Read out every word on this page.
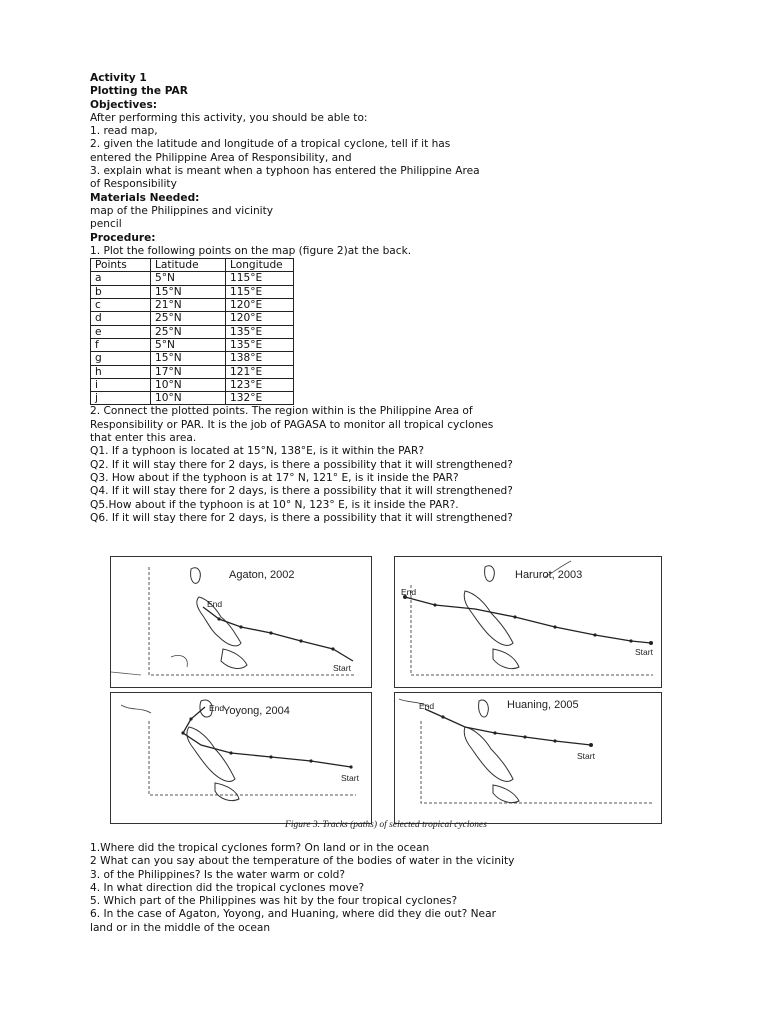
Activity 1
Plotting the PAR
Objectives:
After performing this activity, you should be able to:
1. read map,
2. given the latitude and longitude of a tropical cyclone, tell if it has
entered the Philippine Area of Responsibility, and
3. explain what is meant when a typhoon has entered the Philippine Area
of Responsibility
Materials Needed:
map of the Philippines and vicinity
pencil
Procedure:
1. Plot the following points on the map (figure 2)at the back.
Points	Latitude	Longitude
a	5°N	115°E
b	15°N	115°E
c	21°N	120°E
d	25°N	120°E
e	25°N	135°E
f	5°N	135°E
g	15°N	138°E
h	17°N	121°E
i	10°N	123°E
j	10°N	132°E
2. Connect the plotted points. The region within is the Philippine Area of
Responsibility or PAR. It is the job of PAGASA to monitor all tropical cyclones
that enter this area.
Q1. If a typhoon is located at 15°N, 138°E, is it within the PAR?
Q2. If it will stay there for 2 days, is there a possibility that it will strengthened?
Q3. How about if the typhoon is at 17° N, 121° E, is it inside the PAR?
Q4. If it will stay there for 2 days, is there a possibility that it will strengthened?
Q5.How about if the typhoon is at 10° N, 123° E, is it inside the PAR?.
Q6. If it will stay there for 2 days, is there a possibility that it will strengthened?
Agaton, 2002
End
Start
Harurot, 2003
End
Start
Yoyong, 2004
End
Start
Huaning, 2005
End
Start
Figure 3. Tracks (paths) of selected tropical cyclones
1.Where did the tropical cyclones form? On land or in the ocean
2 What can you say about the temperature of the bodies of water in the vicinity
3. of the Philippines? Is the water warm or cold?
4. In what direction did the tropical cyclones move?
5. Which part of the Philippines was hit by the four tropical cyclones?
6. In the case of Agaton, Yoyong, and Huaning, where did they die out? Near
land or in the middle of the ocean
